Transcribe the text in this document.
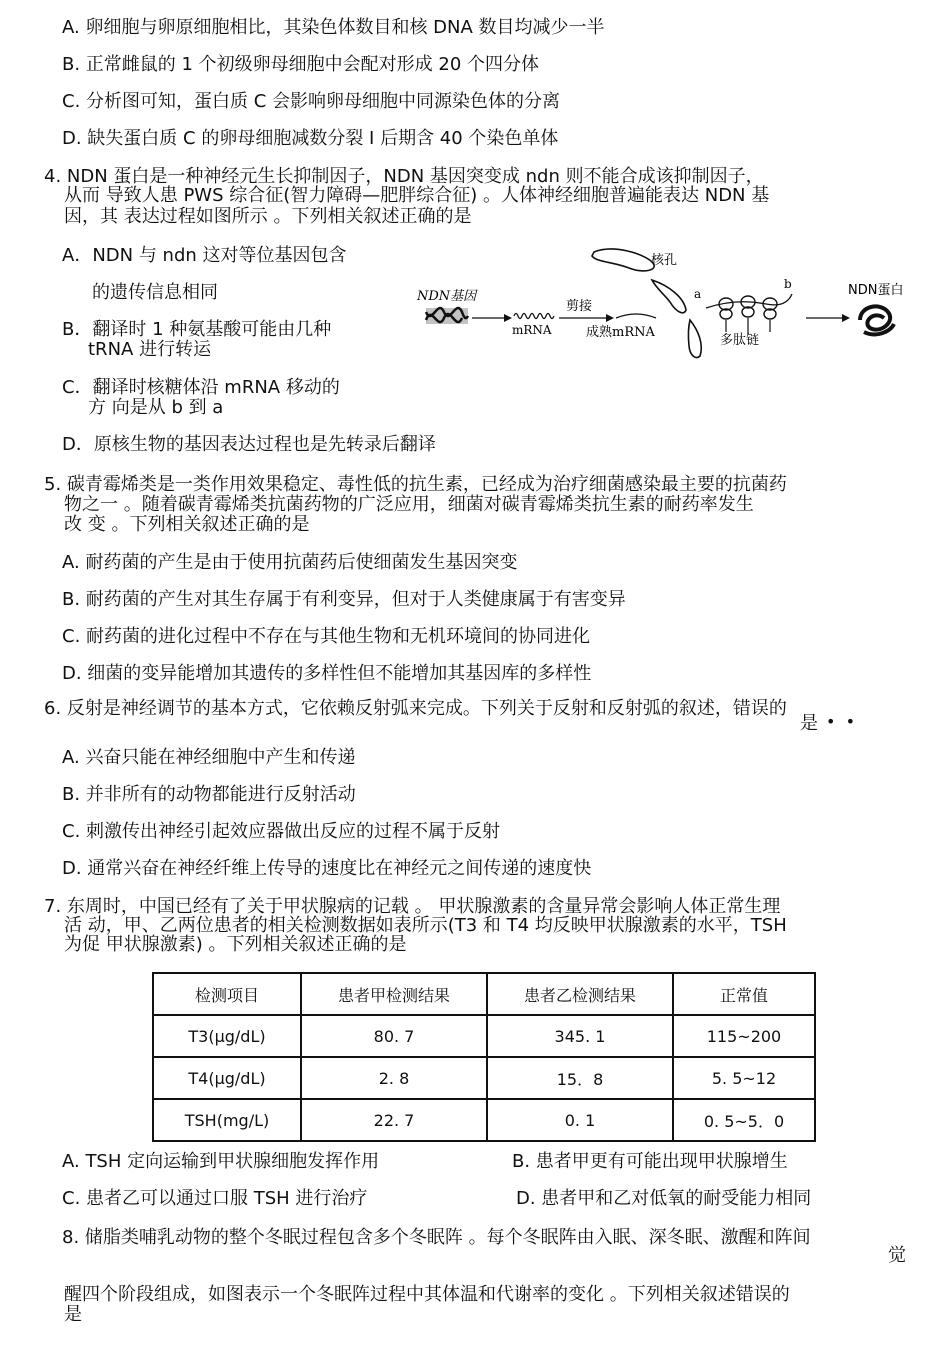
A. 卵细胞与卵原细胞相比，其染色体数目和核 DNA 数目均减少一半
B. 正常雌鼠的 1 个初级卵母细胞中会配对形成 20 个四分体
C. 分析图可知，蛋白质 C 会影响卵母细胞中同源染色体的分离
D. 缺失蛋白质 C 的卵母细胞减数分裂 I 后期含 40 个染色单体
4. NDN 蛋白是一种神经元生长抑制因子，NDN 基因突变成 ndn 则不能合成该抑制因子，
从而 导致人患 PWS 综合征(智力障碍—肥胖综合征) 。人体神经细胞普遍能表达 NDN 基
因，其 表达过程如图所示 。下列相关叙述正确的是
A．NDN 与 ndn 这对等位基因包含
的遗传信息相同
B．翻译时 1 种氨基酸可能由几种
tRNA 进行转运
C．翻译时核糖体沿 mRNA 移动的
方 向是从 b 到 a
D．原核生物的基因表达过程也是先转录后翻译
NDN基因
mRNA
剪接
成熟mRNA
核孔
a
b
多肽链
NDN蛋白
5. 碳青霉烯类是一类作用效果稳定、毒性低的抗生素，已经成为治疗细菌感染最主要的抗菌药
物之一 。随着碳青霉烯类抗菌药物的广泛应用，细菌对碳青霉烯类抗生素的耐药率发生
改 变 。下列相关叙述正确的是
A. 耐药菌的产生是由于使用抗菌药后使细菌发生基因突变
B. 耐药菌的产生对其生存属于有利变异，但对于人类健康属于有害变异
C. 耐药菌的进化过程中不存在与其他生物和无机环境间的协同进化
D. 细菌的变异能增加其遗传的多样性但不能增加其基因库的多样性
6. 反射是神经调节的基本方式，它依赖反射弧来完成。下列关于反射和反射弧的叙述，错误的
是 •  •
A. 兴奋只能在神经细胞中产生和传递
B. 并非所有的动物都能进行反射活动
C. 刺激传出神经引起效应器做出反应的过程不属于反射
D. 通常兴奋在神经纤维上传导的速度比在神经元之间传递的速度快
7. 东周时，中国已经有了关于甲状腺病的记载 。 甲状腺激素的含量异常会影响人体正常生理
活 动，甲、乙两位患者的相关检测数据如表所示(T3 和 T4 均反映甲状腺激素的水平，TSH
为促 甲状腺激素) 。下列相关叙述正确的是
检测项目	患者甲检测结果	患者乙检测结果	正常值
T3(μg/dL)	80. 7	345. 1	115~200
T4(μg/dL)	2. 8	15．8	5. 5~12
TSH(mg/L)	22. 7	0. 1	0. 5~5．0
A. TSH 定向运输到甲状腺细胞发挥作用	B. 患者甲更有可能出现甲状腺增生
C. 患者乙可以通过口服 TSH 进行治疗	D. 患者甲和乙对低氧的耐受能力相同
8. 储脂类哺乳动物的整个冬眠过程包含多个冬眠阵 。每个冬眠阵由入眠、深冬眠、激醒和阵间
觉
醒四个阶段组成，如图表示一个冬眠阵过程中其体温和代谢率的变化 。下列相关叙述错误的
是
